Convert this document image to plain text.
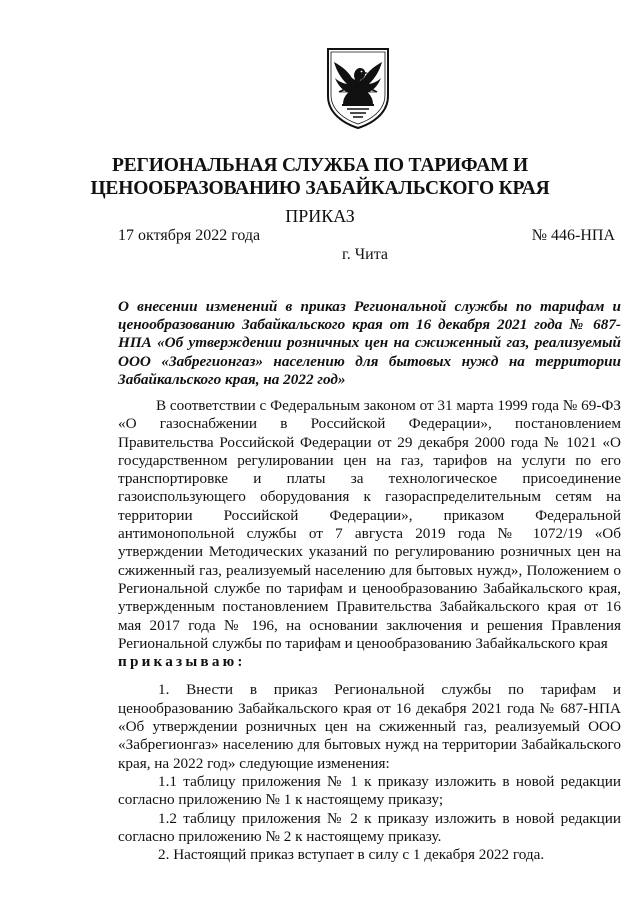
РЕГИОНАЛЬНАЯ СЛУЖБА ПО ТАРИФАМ И
ЦЕНООБРАЗОВАНИЮ ЗАБАЙКАЛЬСКОГО КРАЯ
ПРИКАЗ
17 октября 2022 года	№ 446-НПА
г. Чита
О внесении изменений в приказ Региональной службы по тарифам и ценообразованию Забайкальского края от 16 декабря 2021 года № 687-НПА «Об утверждении розничных цен на сжиженный газ, реализуемый ООО «Забрегионгаз» населению для бытовых нужд на территории Забайкальского края, на 2022 год»

В соответствии с Федеральным законом от 31 марта 1999 года № 69-ФЗ «О газоснабжении в Российской Федерации», постановлением Правительства Российской Федерации от 29 декабря 2000 года № 1021 «О государственном регулировании цен на газ, тарифов на услуги по его транспортировке и платы за технологическое присоединение газоиспользующего оборудования к газораспределительным сетям на территории Российской Федерации», приказом Федеральной антимонопольной службы от 7 августа 2019 года № 1072/19 «Об утверждении Методических указаний по регулированию розничных цен на сжиженный газ, реализуемый населению для бытовых нужд», Положением о Региональной службе по тарифам и ценообразованию Забайкальского края, утвержденным постановлением Правительства Забайкальского края от 16 мая 2017 года № 196, на основании заключения и решения Правления Региональной службы по тарифам и ценообразованию Забайкальского края

приказываю:

1. Внести в приказ Региональной службы по тарифам и ценообразованию Забайкальского края от 16 декабря 2021 года № 687-НПА «Об утверждении розничных цен на сжиженный газ, реализуемый ООО «Забрегионгаз» населению для бытовых нужд на территории Забайкальского края, на 2022 год» следующие изменения:

1.1 таблицу приложения № 1 к приказу изложить в новой редакции согласно приложению № 1 к настоящему приказу;

1.2 таблицу приложения № 2 к приказу изложить в новой редакции согласно приложению № 2 к настоящему приказу.

2. Настоящий приказ вступает в силу с 1 декабря 2022 года.
